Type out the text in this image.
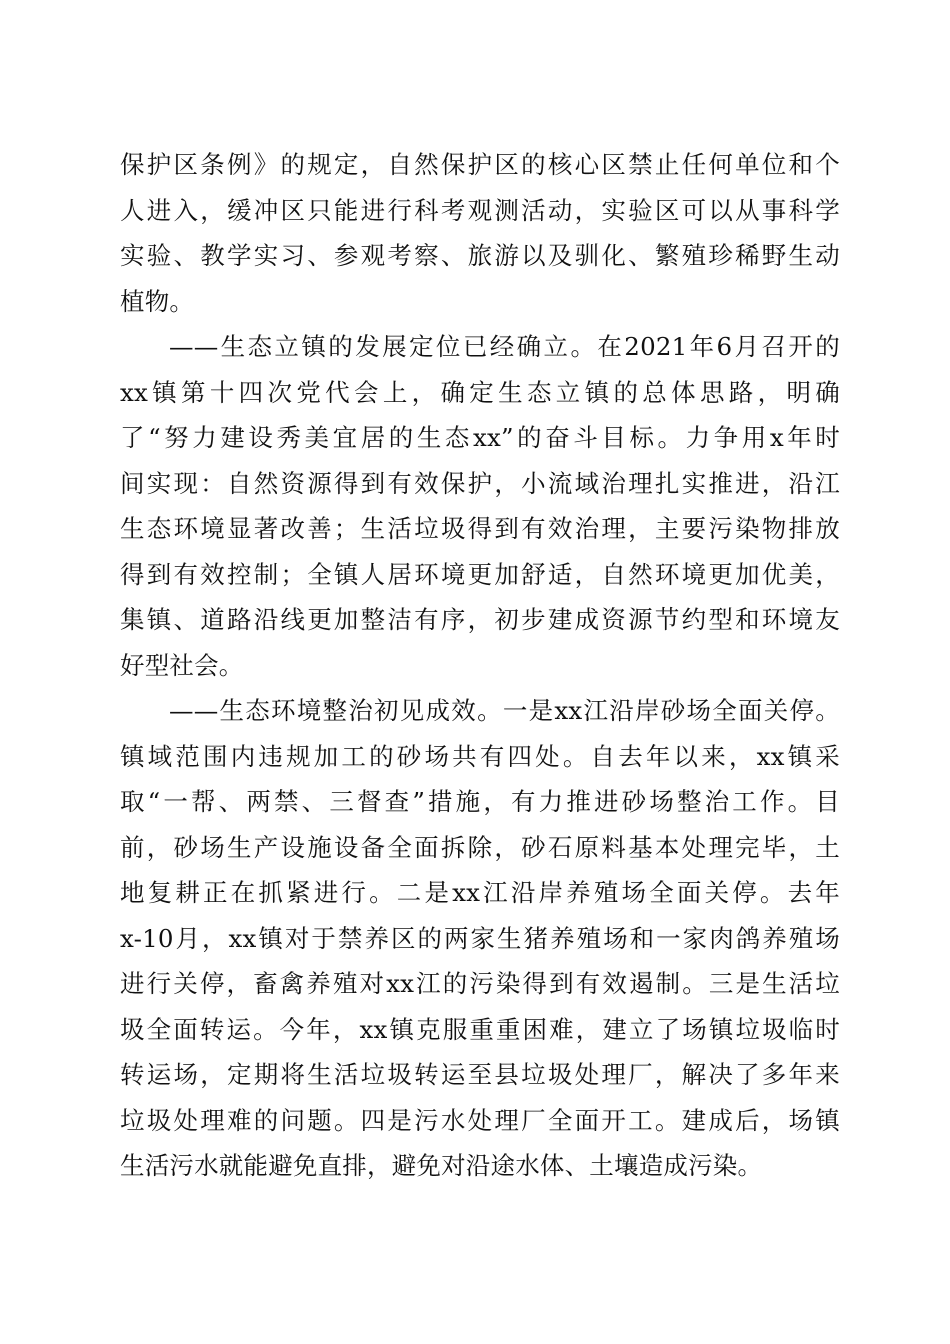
保护区条例》的规定，自然保护区的核心区禁止任何单位和个
人进入，缓冲区只能进行科考观测活动，实验区可以从事科学
实验、教学实习、参观考察、旅游以及驯化、繁殖珍稀野生动
植物。
——生态立镇的发展定位已经确立。在2021年6月召开的
xx镇第十四次党代会上，确定生态立镇的总体思路，明确
了“努力建设秀美宜居的生态xx”的奋斗目标。力争用x年时
间实现：自然资源得到有效保护，小流域治理扎实推进，沿江
生态环境显著改善；生活垃圾得到有效治理，主要污染物排放
得到有效控制；全镇人居环境更加舒适，自然环境更加优美，
集镇、道路沿线更加整洁有序，初步建成资源节约型和环境友
好型社会。
——生态环境整治初见成效。一是xx江沿岸砂场全面关停。
镇域范围内违规加工的砂场共有四处。自去年以来，xx镇采
取“一帮、两禁、三督查”措施，有力推进砂场整治工作。目
前，砂场生产设施设备全面拆除，砂石原料基本处理完毕，土
地复耕正在抓紧进行。二是xx江沿岸养殖场全面关停。去年
x-10月，xx镇对于禁养区的两家生猪养殖场和一家肉鸽养殖场
进行关停，畜禽养殖对xx江的污染得到有效遏制。三是生活垃
圾全面转运。今年，xx镇克服重重困难，建立了场镇垃圾临时
转运场，定期将生活垃圾转运至县垃圾处理厂，解决了多年来
垃圾处理难的问题。四是污水处理厂全面开工。建成后，场镇
生活污水就能避免直排，避免对沿途水体、土壤造成污染。
